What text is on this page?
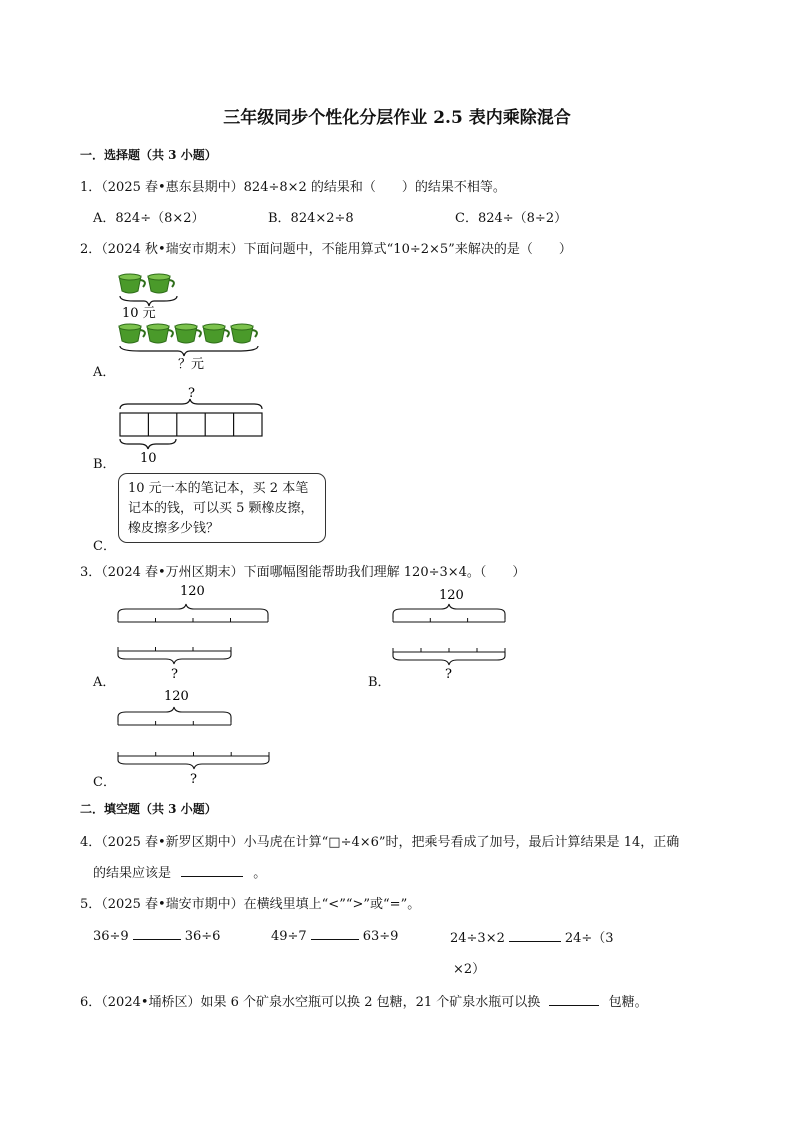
三年级同步个性化分层作业 2.5 表内乘除混合
一．选择题（共 3 小题）
1．（2025 春•惠东县期中）824÷8×2 的结果和（　　）的结果不相等。
A．824÷（8×2）	B．824×2÷8	C．824÷（8÷2）
2．（2024 秋•瑞安市期末）下面问题中，不能用算式“10÷2×5”来解决的是（　　）
10 元
？元
A．
?
10
B．
10 元一本的笔记本，买 2 本笔记本的钱，可以买 5 颗橡皮擦，橡皮擦多少钱？
C．
3．（2024 春•万州区期末）下面哪幅图能帮助我们理解 120÷3×4。（　　）
120
?
A．
120
?
B．
120
?
C．
二．填空题（共 3 小题）
4．（2025 春•新罗区期中）小马虎在计算“□÷4×6”时，把乘号看成了加号，最后计算结果是 14，正确
的结果应该是	。
5．（2025 春•瑞安市期中）在横线里填上“<”“>”或“=”。
36÷9	36÷6	49÷7	63÷9	24÷3×2	24÷（3
×2）
6．（2024•埇桥区）如果 6 个矿泉水空瓶可以换 2 包糖，21 个矿泉水瓶可以换	包糖。
